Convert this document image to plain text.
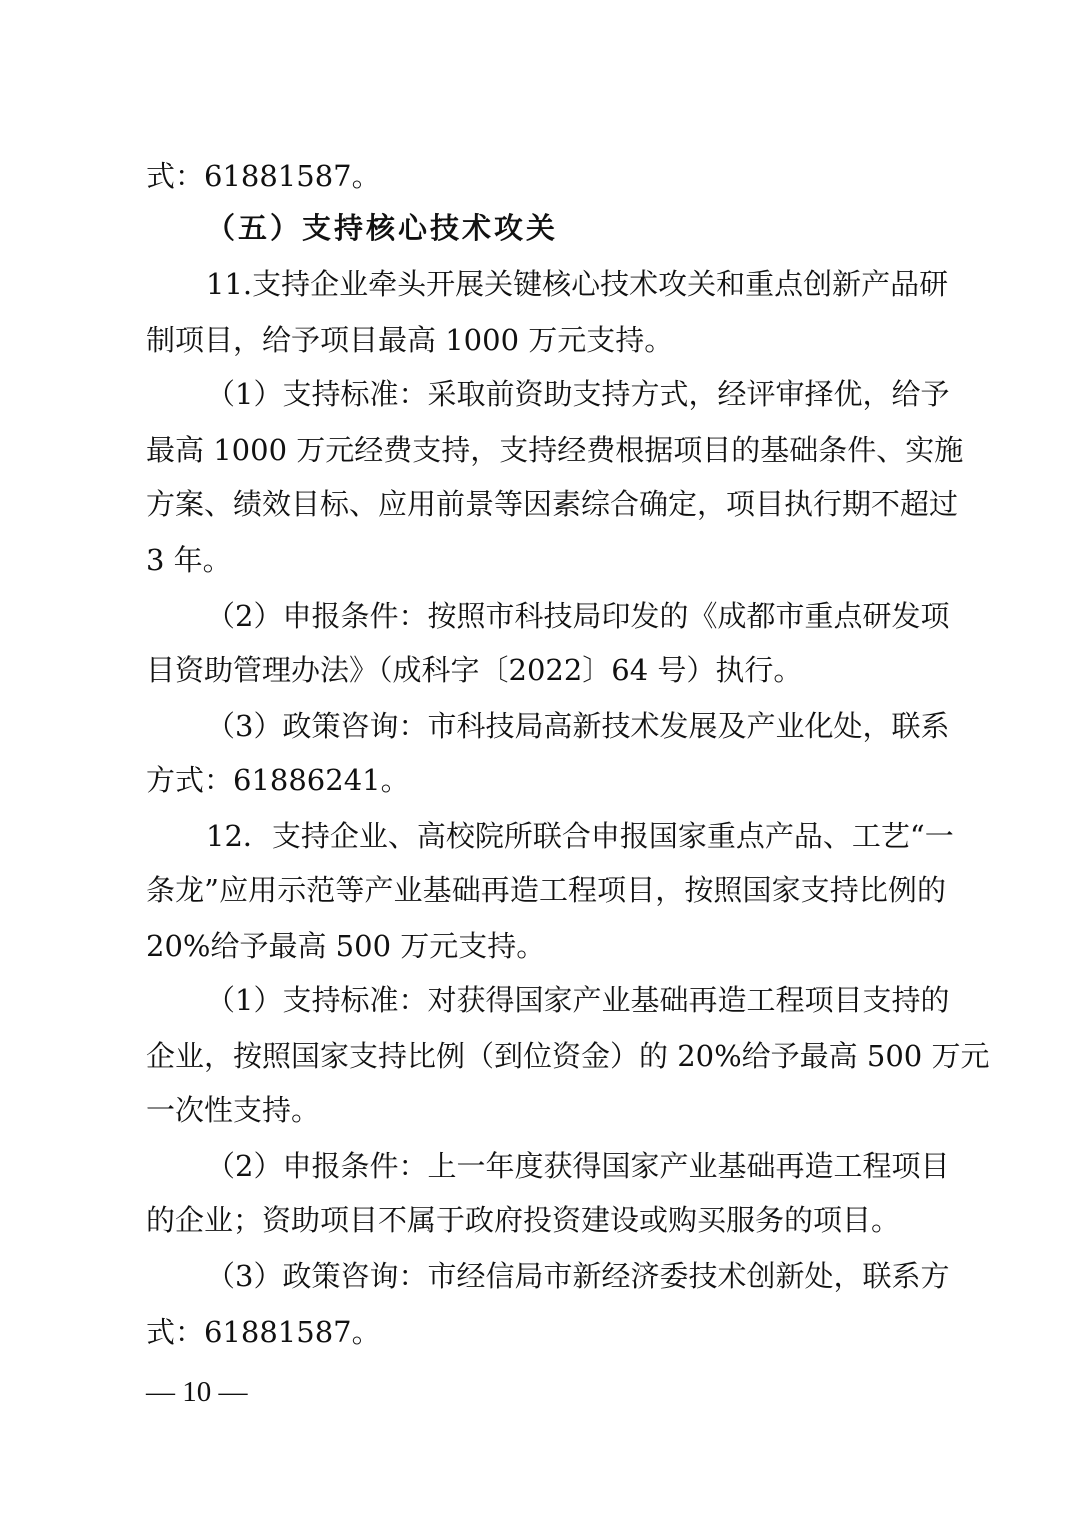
式：61881587。
（五）支持核心技术攻关
11.支持企业牵头开展关键核心技术攻关和重点创新产品研
制项目，给予项目最高 1000 万元支持。
（1）支持标准：采取前资助支持方式，经评审择优，给予
最高 1000 万元经费支持，支持经费根据项目的基础条件、实施
方案、绩效目标、应用前景等因素综合确定，项目执行期不超过
3 年。
（2）申报条件：按照市科技局印发的《成都市重点研发项
目资助管理办法》（成科字〔2022〕64 号）执行。
（3）政策咨询：市科技局高新技术发展及产业化处，联系
方式：61886241。
12．支持企业、高校院所联合申报国家重点产品、工艺“一
条龙”应用示范等产业基础再造工程项目，按照国家支持比例的
20%给予最高 500 万元支持。
（1）支持标准：对获得国家产业基础再造工程项目支持的
企业，按照国家支持比例（到位资金）的 20%给予最高 500 万元
一次性支持。
（2）申报条件：上一年度获得国家产业基础再造工程项目
的企业；资助项目不属于政府投资建设或购买服务的项目。
（3）政策咨询：市经信局市新经济委技术创新处，联系方
式：61881587。
— 10 —
